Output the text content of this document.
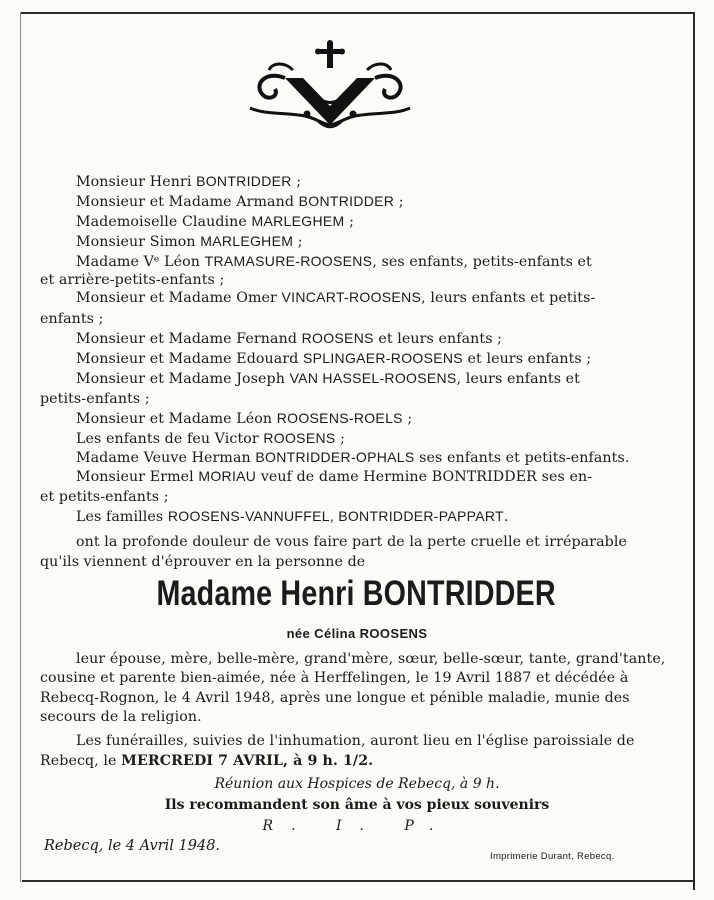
Monsieur Henri BONTRIDDER ;
Monsieur et Madame Armand BONTRIDDER ;
Mademoiselle Claudine MARLEGHEM ;
Monsieur Simon MARLEGHEM ;
Madame Vᵉ Léon TRAMASURE-ROOSENS, ses enfants, petits-enfants et
et arrière-petits-enfants ;
Monsieur et Madame Omer VINCART-ROOSENS, leurs enfants et petits-
enfants ;
Monsieur et Madame Fernand ROOSENS et leurs enfants ;
Monsieur et Madame Edouard SPLINGAER-ROOSENS et leurs enfants ;
Monsieur et Madame Joseph VAN HASSEL-ROOSENS, leurs enfants et
petits-enfants ;
Monsieur et Madame Léon ROOSENS-ROELS ;
Les enfants de feu Victor ROOSENS ;
Madame Veuve Herman BONTRIDDER-OPHALS ses enfants et petits-enfants.
Monsieur Ermel MORIAU veuf de dame Hermine BONTRIDDER ses en-
et petits-enfants ;
Les familles ROOSENS-VANNUFFEL, BONTRIDDER-PAPPART.
ont la profonde douleur de vous faire part de la perte cruelle et irréparable
qu'ils viennent d'éprouver en la personne de
Madame Henri BONTRIDDER
née Célina ROOSENS
leur épouse, mère, belle-mère, grand'mère, sœur, belle-sœur, tante, grand'tante,
cousine et parente bien-aimée, née à Herffelingen, le 19 Avril 1887 et décédée à
Rebecq-Rognon, le 4 Avril 1948, après une longue et pénible maladie, munie des
secours de la religion.
Les funérailles, suivies de l'inhumation, auront lieu en l'église paroissiale de
Rebecq, le MERCREDI 7 AVRIL, à 9 h. 1/2.
Réunion aux Hospices de Rebecq, à 9 h.
Ils recommandent son âme à vos pieux souvenirs
R. I. P.
Rebecq, le 4 Avril 1948.
Imprimerie Durant, Rebecq.
